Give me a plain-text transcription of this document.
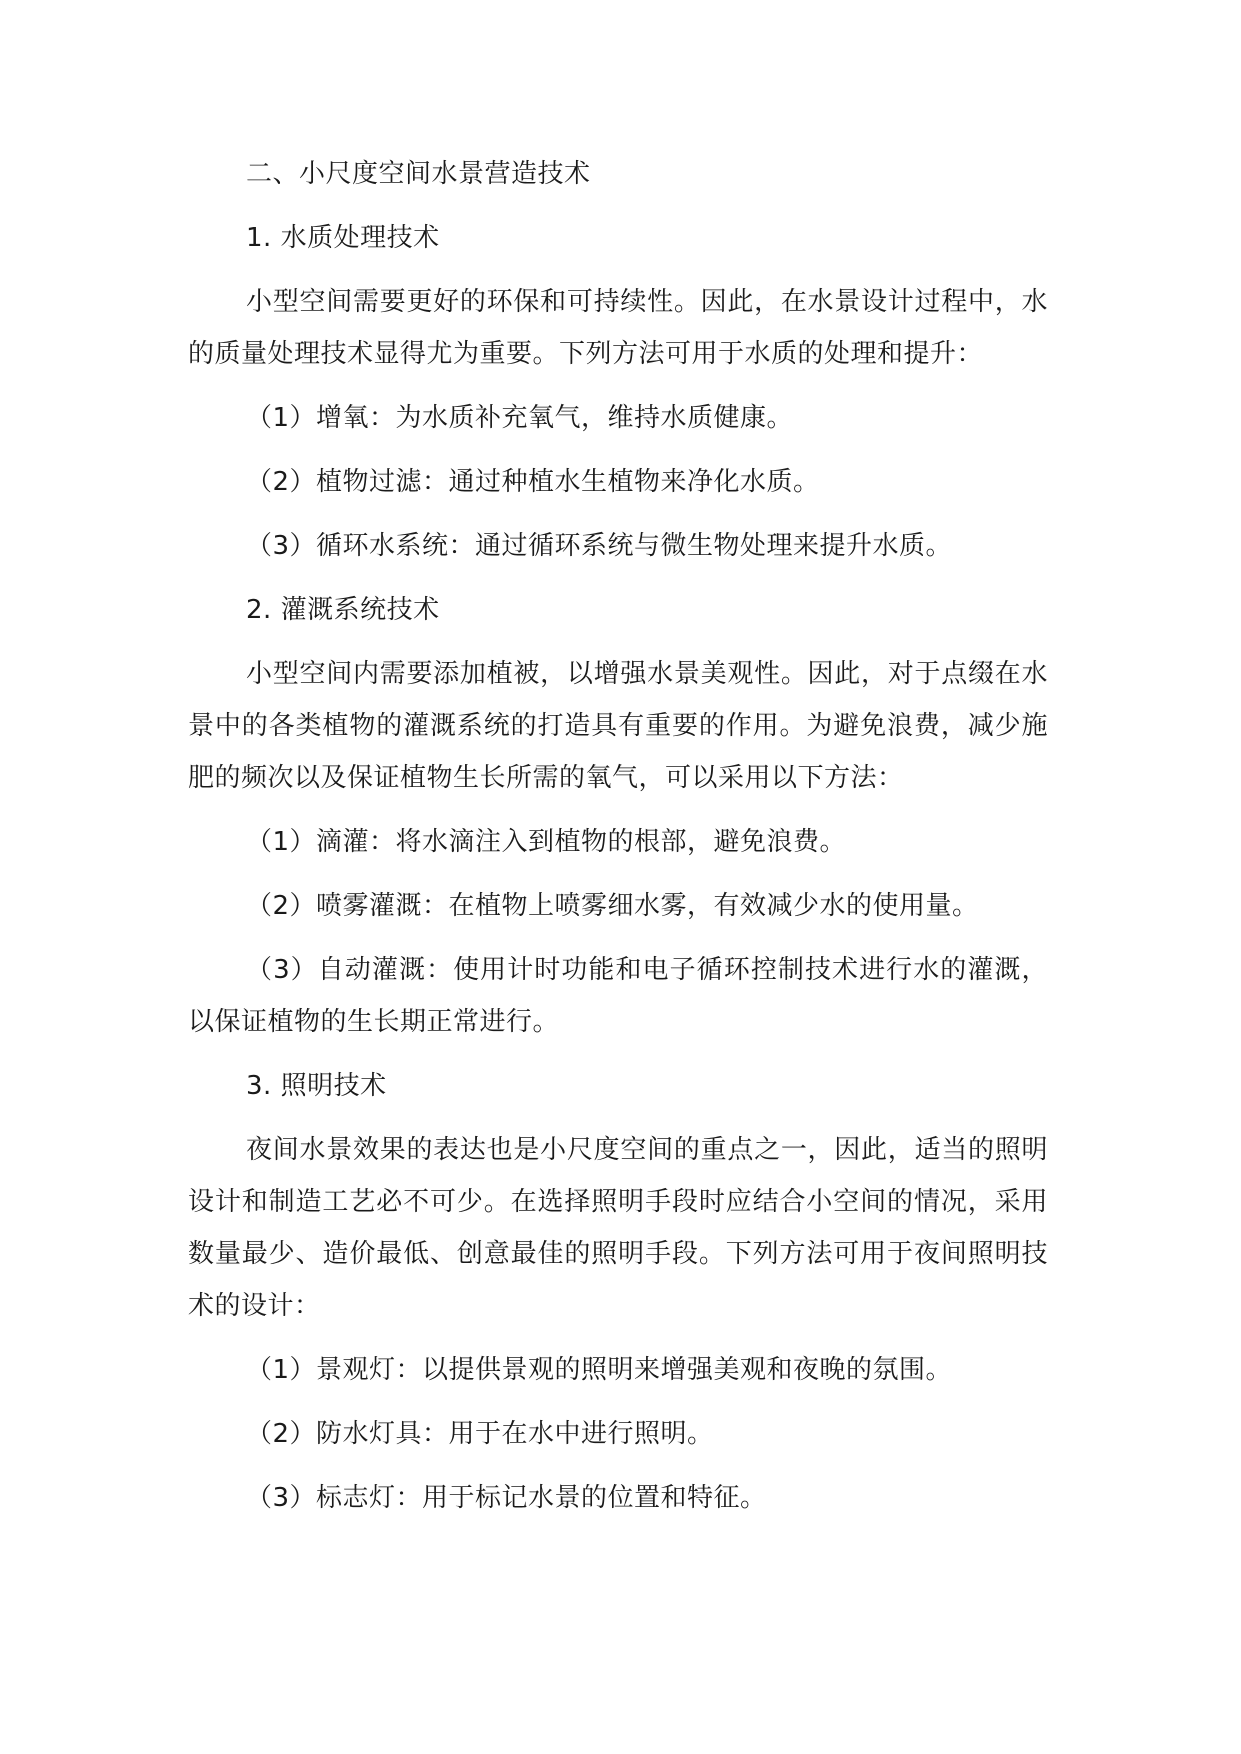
二、小尺度空间水景营造技术

1. 水质处理技术

小型空间需要更好的环保和可持续性。因此，在水景设计过程中，水的质量处理技术显得尤为重要。下列方法可用于水质的处理和提升：

（1）增氧：为水质补充氧气，维持水质健康。

（2）植物过滤：通过种植水生植物来净化水质。

（3）循环水系统：通过循环系统与微生物处理来提升水质。

2. 灌溉系统技术

小型空间内需要添加植被，以增强水景美观性。因此，对于点缀在水景中的各类植物的灌溉系统的打造具有重要的作用。为避免浪费，减少施肥的频次以及保证植物生长所需的氧气，可以采用以下方法：

（1）滴灌：将水滴注入到植物的根部，避免浪费。

（2）喷雾灌溉：在植物上喷雾细水雾，有效减少水的使用量。

（3）自动灌溉：使用计时功能和电子循环控制技术进行水的灌溉，以保证植物的生长期正常进行。

3. 照明技术

夜间水景效果的表达也是小尺度空间的重点之一，因此，适当的照明设计和制造工艺必不可少。在选择照明手段时应结合小空间的情况，采用数量最少、造价最低、创意最佳的照明手段。下列方法可用于夜间照明技术的设计：

（1）景观灯：以提供景观的照明来增强美观和夜晚的氛围。

（2）防水灯具：用于在水中进行照明。

（3）标志灯：用于标记水景的位置和特征。
